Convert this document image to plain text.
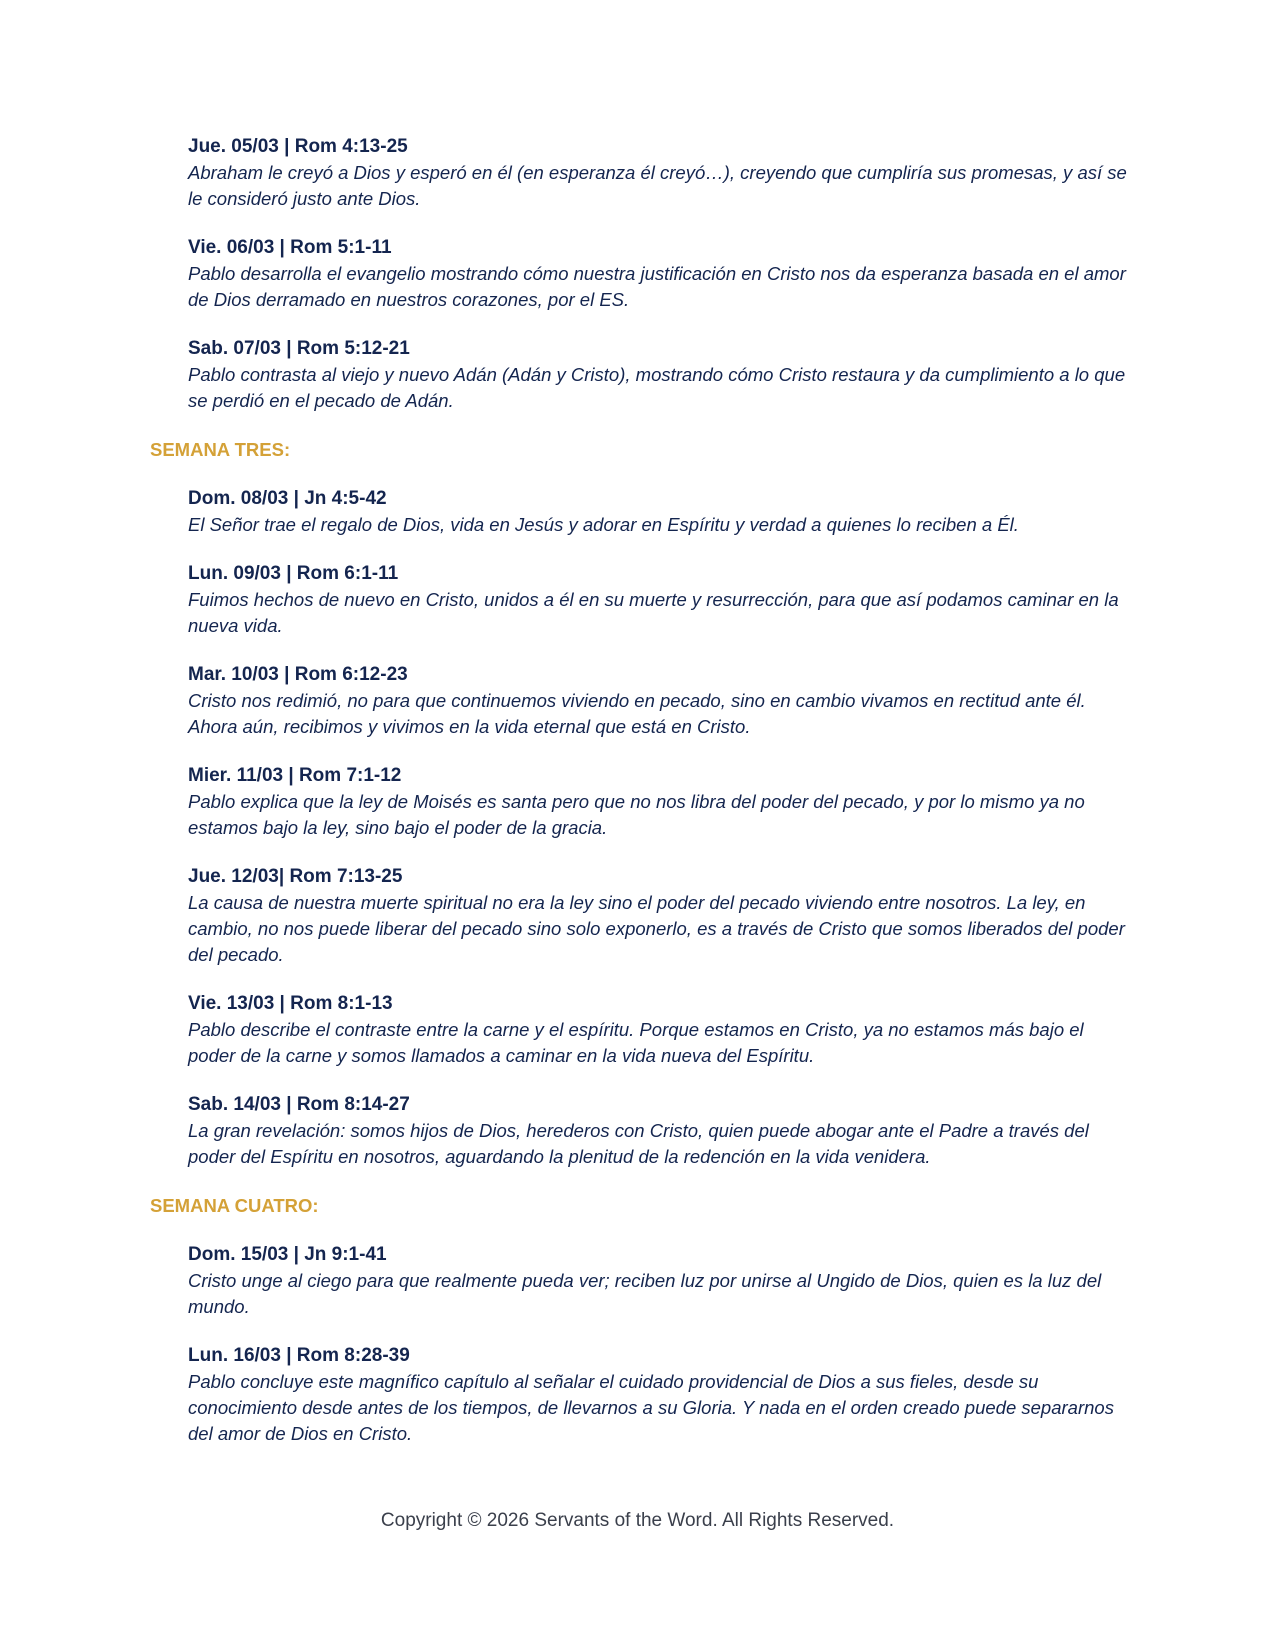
Jue. 05/03 | Rom 4:13-25
Abraham le creyó a Dios y esperó en él (en esperanza él creyó…), creyendo que cumpliría sus promesas, y así se le consideró justo ante Dios.
Vie. 06/03 | Rom 5:1-11
Pablo desarrolla el evangelio mostrando cómo nuestra justificación en Cristo nos da esperanza basada en el amor de Dios derramado en nuestros corazones, por el ES.
Sab. 07/03 | Rom 5:12-21
Pablo contrasta al viejo y nuevo Adán (Adán y Cristo), mostrando cómo Cristo restaura y da cumplimiento a lo que se perdió en el pecado de Adán.
SEMANA TRES:
Dom. 08/03 | Jn 4:5-42
El Señor trae el regalo de Dios, vida en Jesús y adorar en Espíritu y verdad a quienes lo reciben a Él.
Lun. 09/03 | Rom 6:1-11
Fuimos hechos de nuevo en Cristo, unidos a él en su muerte y resurrección, para que así podamos caminar en la nueva vida.
Mar. 10/03 | Rom 6:12-23
Cristo nos redimió, no para que continuemos viviendo en pecado, sino en cambio vivamos en rectitud ante él. Ahora aún, recibimos y vivimos en la vida eternal que está en Cristo.
Mier. 11/03 | Rom 7:1-12
Pablo explica que la ley de Moisés es santa pero que no nos libra del poder del pecado, y por lo mismo ya no estamos bajo la ley, sino bajo el poder de la gracia.
Jue. 12/03| Rom 7:13-25
La causa de nuestra muerte spiritual no era la ley sino el poder del pecado viviendo entre nosotros. La ley, en cambio, no nos puede liberar del pecado sino solo exponerlo, es a través de Cristo que somos liberados del poder del pecado.
Vie. 13/03 | Rom 8:1-13
Pablo describe el contraste entre la carne y el espíritu. Porque estamos en Cristo, ya no estamos más bajo el poder de la carne y somos llamados a caminar en la vida nueva del Espíritu.
Sab. 14/03 | Rom 8:14-27
La gran revelación: somos hijos de Dios, herederos con Cristo, quien puede abogar ante el Padre a través del poder del Espíritu en nosotros, aguardando la plenitud de la redención en la vida venidera.
SEMANA CUATRO:
Dom. 15/03 | Jn 9:1-41
Cristo unge al ciego para que realmente pueda ver; reciben luz por unirse al Ungido de Dios, quien es la luz del mundo.
Lun. 16/03 | Rom 8:28-39
Pablo concluye este magnífico capítulo al señalar el cuidado providencial de Dios a sus fieles, desde su conocimiento desde antes de los tiempos, de llevarnos a su Gloria. Y nada en el orden creado puede separarnos del amor de Dios en Cristo.
Copyright © 2026 Servants of the Word. All Rights Reserved.
